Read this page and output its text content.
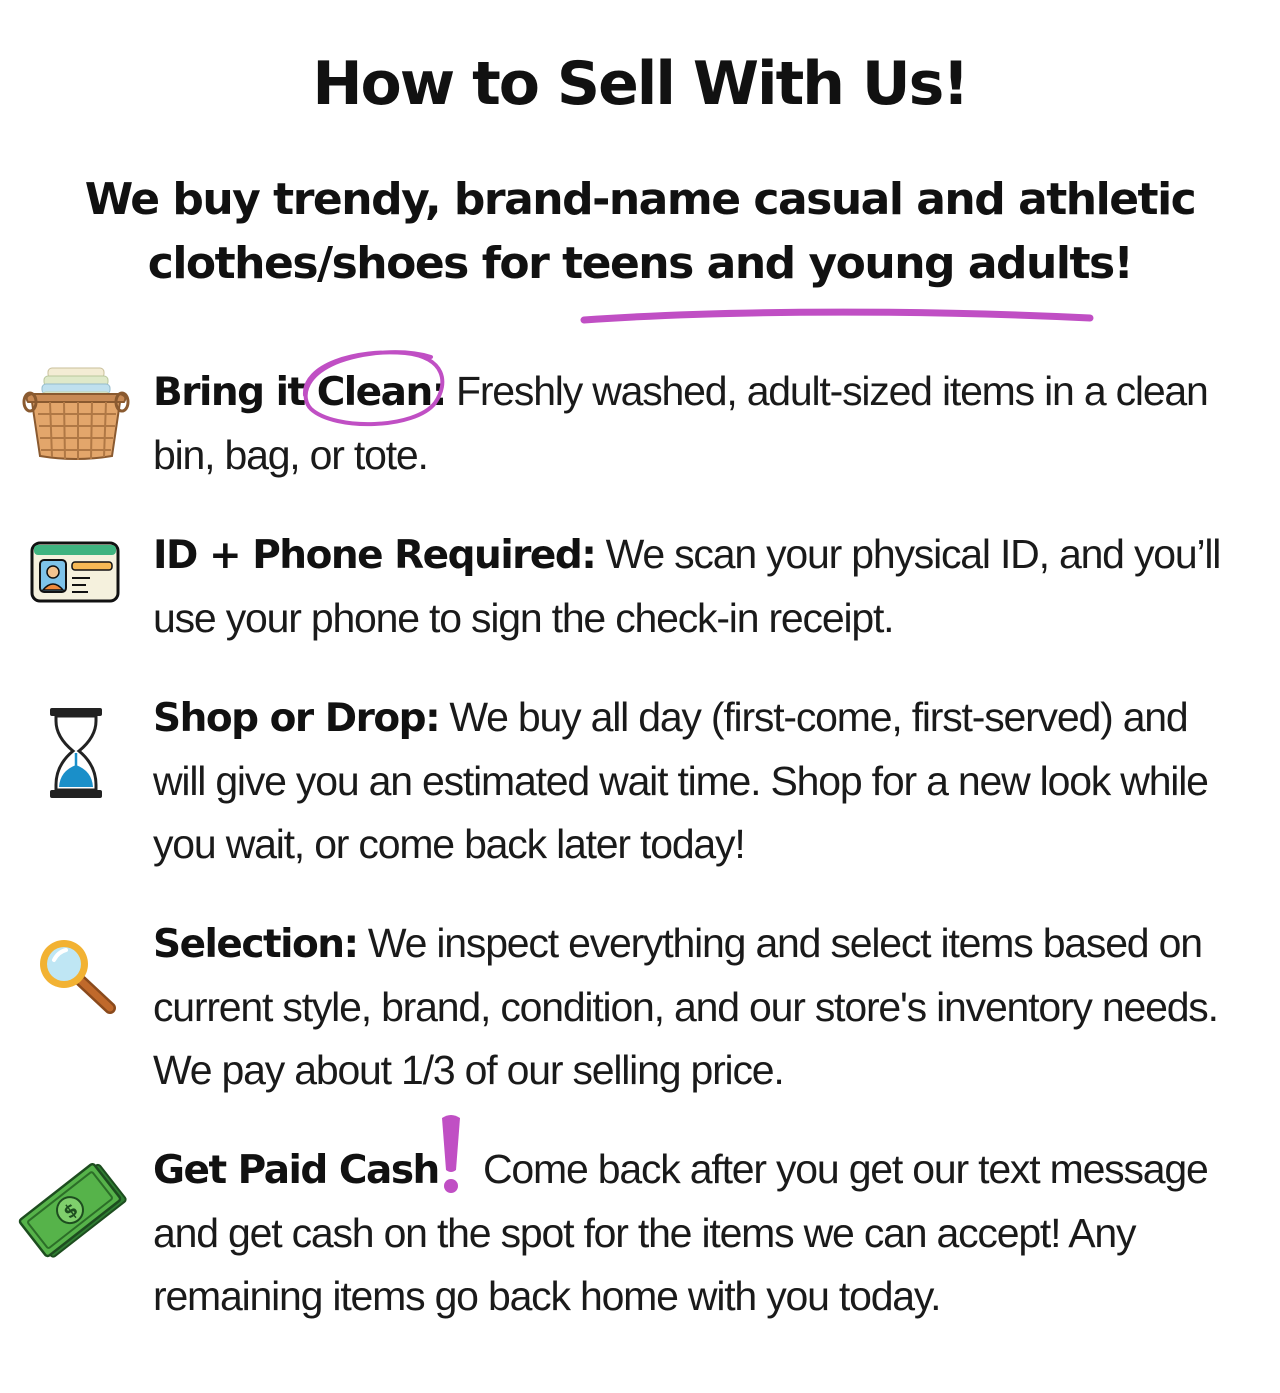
How to Sell With Us!
We buy trendy, brand-name casual and athletic
clothes/shoes for teens and young adults!
Bring it Clean: Freshly washed, adult-sized items in a clean bin, bag, or tote.
ID + Phone Required: We scan your physical ID, and you’ll use your phone to sign the check-in receipt.
Shop or Drop: We buy all day (first-come, first-served) and will give you an estimated wait time. Shop for a new look while you wait, or come back later today!
Selection: We inspect everything and select items based on current style, brand, condition, and our store's inventory needs. We pay about 1/3 of our selling price.
$
Get Paid Cash Come back after you get our text message and get cash on the spot for the items we can accept! Any remaining items go back home with you today.
